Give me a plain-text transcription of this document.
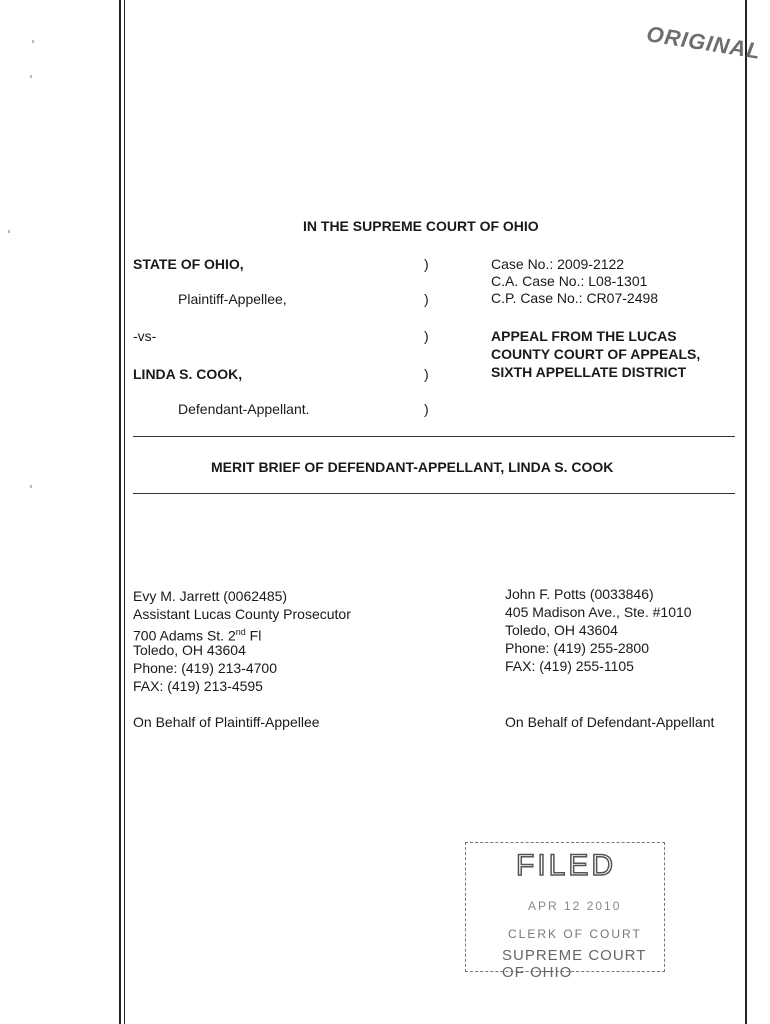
ORIGINAL
IN THE SUPREME COURT OF OHIO
STATE OF OHIO,
Plaintiff-Appellee,
-vs-
LINDA S. COOK,
Defendant-Appellant.
)
)
)
)
)
Case No.: 2009-2122
C.A. Case No.: L08-1301
C.P. Case No.: CR07-2498
APPEAL FROM THE LUCAS
COUNTY COURT OF APPEALS,
SIXTH APPELLATE DISTRICT
MERIT BRIEF OF DEFENDANT-APPELLANT, LINDA S. COOK
Evy M. Jarrett (0062485)
Assistant Lucas County Prosecutor
700 Adams St. 2nd Fl
Toledo, OH 43604
Phone: (419) 213-4700
FAX: (419) 213-4595
On Behalf of Plaintiff-Appellee
John F. Potts (0033846)
405 Madison Ave., Ste. #1010
Toledo, OH 43604
Phone: (419) 255-2800
FAX: (419) 255-1105
On Behalf of Defendant-Appellant
FILED
APR 12 2010
CLERK OF COURT
SUPREME COURT OF OHIO
